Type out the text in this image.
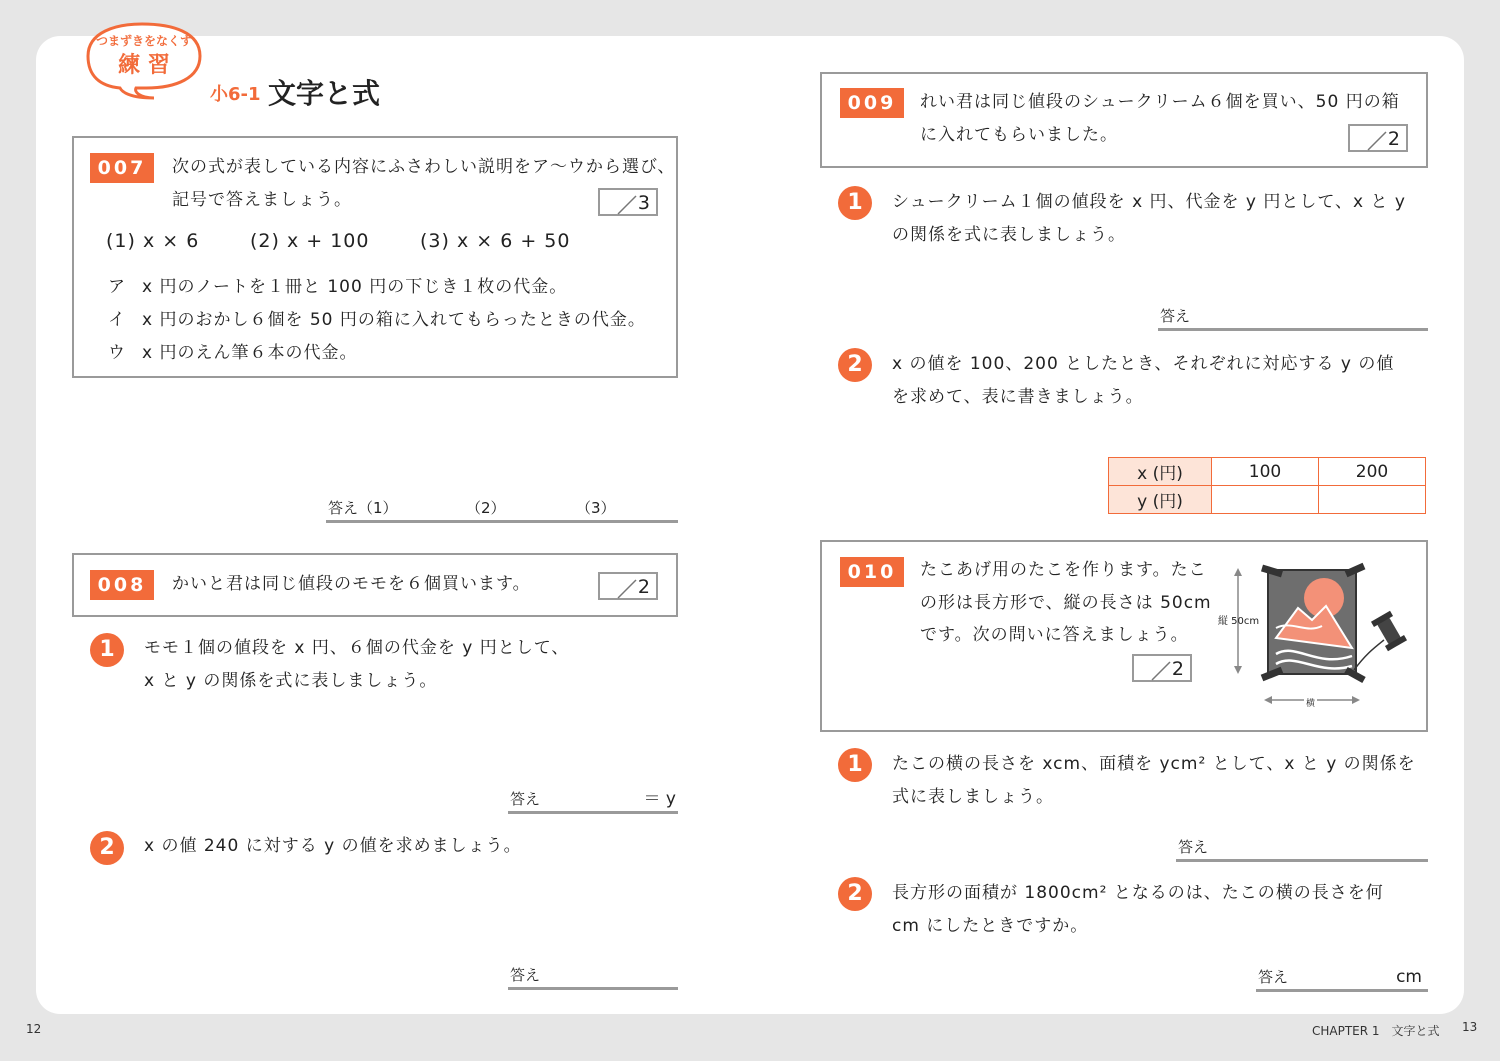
つまずきをなくす
練 習
小6-1 文字と式
007	次の式が表している内容にふさわしい説明をア～ウから選び、
記号で答えましょう。	3
(1) x × 6	(2) x + 100	(3) x × 6 + 50
ア x 円のノートを１冊と 100 円の下じき１枚の代金。
イ x 円のおかし６個を 50 円の箱に入れてもらったときの代金。
ウ x 円のえん筆６本の代金。
答え（1）	（2）	（3）
008	かいと君は同じ値段のモモを６個買います。	2
1	モモ１個の値段を x 円、６個の代金を y 円として、
x と y の関係を式に表しましょう。
答え	＝ y
2	x の値 240 に対する y の値を求めましょう。
答え
009	れい君は同じ値段のシュークリーム６個を買い、50 円の箱
に入れてもらいました。	2
1	シュークリーム１個の値段を x 円、代金を y 円として、x と y
の関係を式に表しましょう。
答え
2	x の値を 100、200 としたとき、それぞれに対応する y の値
を求めて、表に書きましょう。
x (円)	100	200
y (円)		
010	たこあげ用のたこを作ります。たこ
の形は長方形で、縦の長さは 50cm
です。次の問いに答えましょう。
2
縦 50cm
横
1	たこの横の長さを xcm、面積を ycm² として、x と y の関係を
式に表しましょう。
答え
2	長方形の面積が 1800cm² となるのは、たこの横の長さを何
cm にしたときですか。
答え	cm
12	CHAPTER 1　文字と式 13
